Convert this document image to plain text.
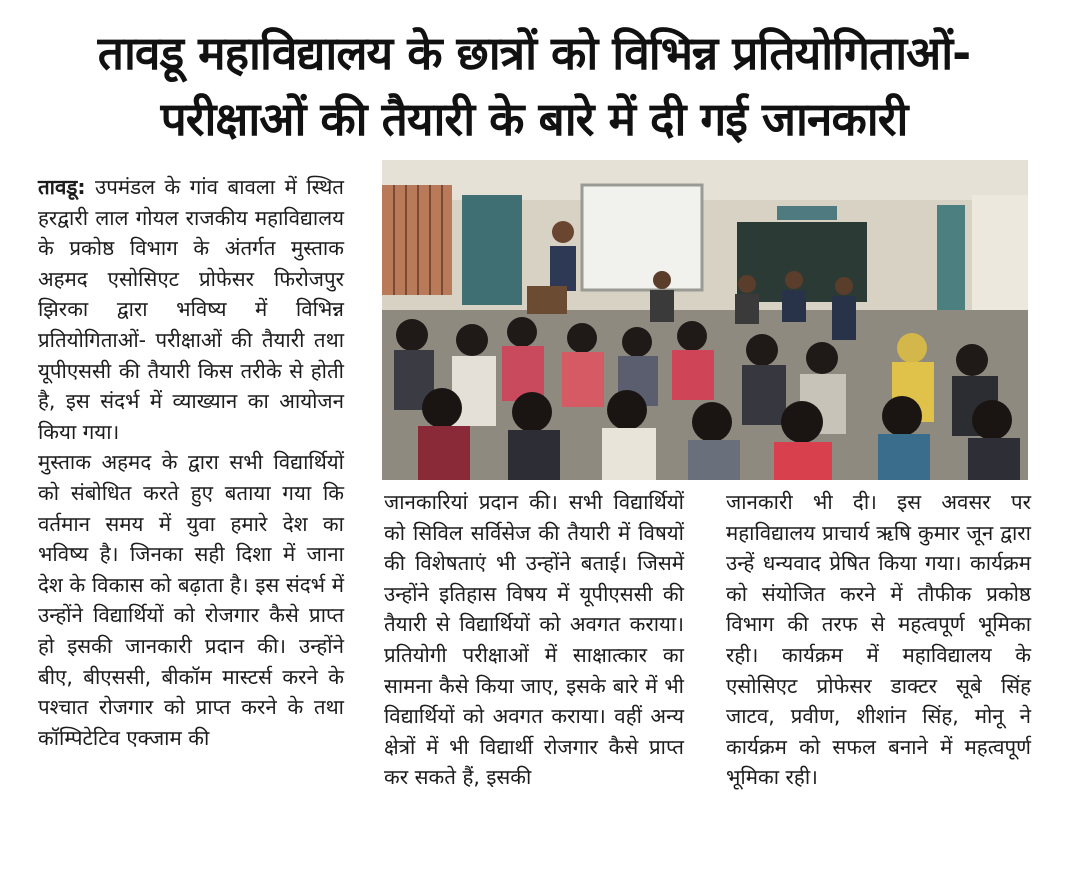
तावडू महाविद्यालय के छात्रों को विभिन्न प्रतियोगिताओं-
परीक्षाओं की तैयारी के बारे में दी गई जानकारी

तावडू: उपमंडल के गांव बावला में स्थित हरद्वारी लाल गोयल राजकीय महाविद्यालय के प्रकोष्ठ विभाग के अंतर्गत मुस्ताक अहमद एसोसिएट प्रोफेसर फिरोजपुर झिरका द्वारा भविष्य में विभिन्न प्रतियोगिताओं- परीक्षाओं की तैयारी तथा यूपीएससी की तैयारी किस तरीके से होती है, इस संदर्भ में व्याख्यान का आयोजन किया गया।

मुस्ताक अहमद के द्वारा सभी विद्यार्थियों को संबोधित करते हुए बताया गया कि वर्तमान समय में युवा हमारे देश का भविष्य है। जिनका सही दिशा में जाना देश के विकास को बढ़ाता है। इस संदर्भ में उन्होंने विद्यार्थियों को रोजगार कैसे प्राप्त हो इसकी जानकारी प्रदान की। उन्होंने बीए, बीएससी, बीकॉम मास्टर्स करने के पश्चात रोजगार को प्राप्त करने के तथा कॉम्पिटेटिव एक्जाम की

जानकारियां प्रदान की। सभी विद्यार्थियों को सिविल सर्विसेज की तैयारी में विषयों की विशेषताएं भी उन्होंने बताई। जिसमें उन्होंने इतिहास विषय में यूपीएससी की तैयारी से विद्यार्थियों को अवगत कराया। प्रतियोगी परीक्षाओं में साक्षात्कार का सामना कैसे किया जाए, इसके बारे में भी विद्यार्थियों को अवगत कराया। वहीं अन्य क्षेत्रों में भी विद्यार्थी रोजगार कैसे प्राप्त कर सकते हैं, इसकी

जानकारी भी दी। इस अवसर पर महाविद्यालय प्राचार्य ऋषि कुमार जून द्वारा उन्हें धन्यवाद प्रेषित किया गया। कार्यक्रम को संयोजित करने में तौफीक प्रकोष्ठ विभाग की तरफ से महत्वपूर्ण भूमिका रही। कार्यक्रम में महाविद्यालय के एसोसिएट प्रोफेसर डाक्टर सूबे सिंह जाटव, प्रवीण, शीशांन सिंह, मोनू ने कार्यक्रम को सफल बनाने में महत्वपूर्ण भूमिका रही।
